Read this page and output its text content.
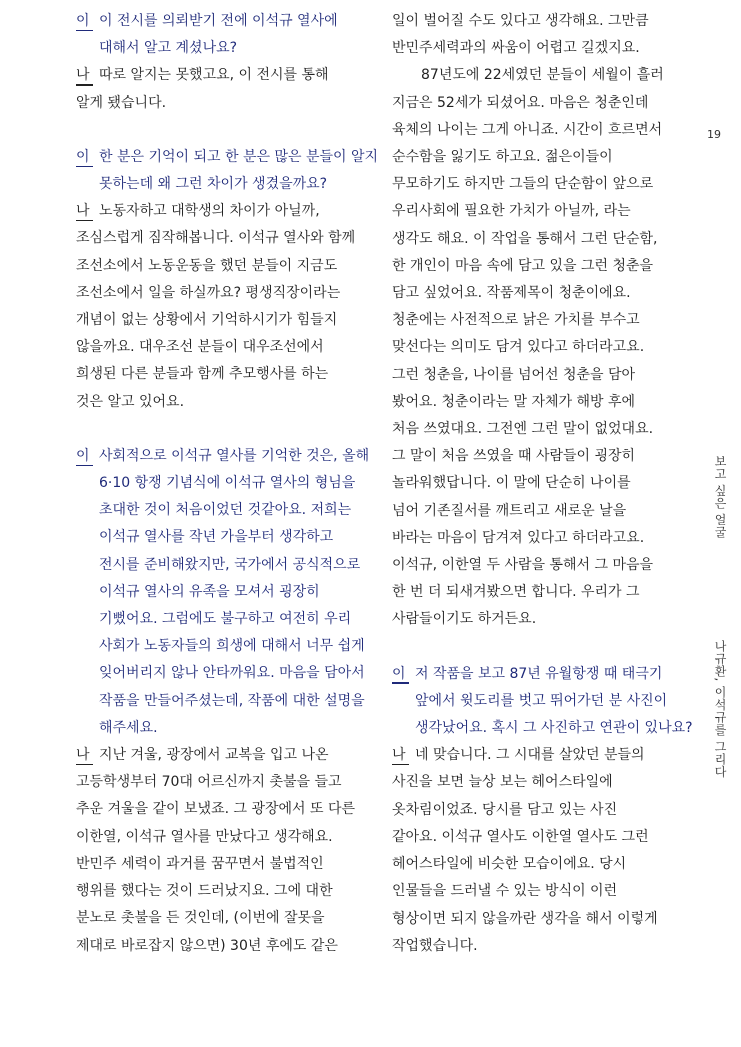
이 이 전시를 의뢰받기 전에 이석규 열사에
대해서 알고 계셨나요?
나 따로 알지는 못했고요, 이 전시를 통해
알게 됐습니다.
이 한 분은 기억이 되고 한 분은 많은 분들이 알지
못하는데 왜 그런 차이가 생겼을까요?
나 노동자하고 대학생의 차이가 아닐까,
조심스럽게 짐작해봅니다. 이석규 열사와 함께
조선소에서 노동운동을 했던 분들이 지금도
조선소에서 일을 하실까요? 평생직장이라는
개념이 없는 상황에서 기억하시기가 힘들지
않을까요. 대우조선 분들이 대우조선에서
희생된 다른 분들과 함께 추모행사를 하는
것은 알고 있어요.
이 사회적으로 이석규 열사를 기억한 것은, 올해
6·10 항쟁 기념식에 이석규 열사의 형님을
초대한 것이 처음이었던 것같아요. 저희는
이석규 열사를 작년 가을부터 생각하고
전시를 준비해왔지만, 국가에서 공식적으로
이석규 열사의 유족을 모셔서 굉장히
기뻤어요. 그럼에도 불구하고 여전히 우리
사회가 노동자들의 희생에 대해서 너무 쉽게
잊어버리지 않나 안타까워요. 마음을 담아서
작품을 만들어주셨는데, 작품에 대한 설명을
해주세요.
나 지난 겨울, 광장에서 교복을 입고 나온
고등학생부터 70대 어르신까지 촛불을 들고
추운 겨울을 같이 보냈죠. 그 광장에서 또 다른
이한열, 이석규 열사를 만났다고 생각해요.
반민주 세력이 과거를 꿈꾸면서 불법적인
행위를 했다는 것이 드러났지요. 그에 대한
분노로 촛불을 든 것인데, (이번에 잘못을
제대로 바로잡지 않으면) 30년 후에도 같은
일이 벌어질 수도 있다고 생각해요. 그만큼
반민주세력과의 싸움이 어렵고 길겠지요.
87년도에 22세였던 분들이 세월이 흘러
지금은 52세가 되셨어요. 마음은 청춘인데
육체의 나이는 그게 아니죠. 시간이 흐르면서
순수함을 잃기도 하고요. 젊은이들이
무모하기도 하지만 그들의 단순함이 앞으로
우리사회에 필요한 가치가 아닐까, 라는
생각도 해요. 이 작업을 통해서 그런 단순함,
한 개인이 마음 속에 담고 있을 그런 청춘을
담고 싶었어요. 작품제목이 청춘이에요.
청춘에는 사전적으로 낡은 가치를 부수고
맞선다는 의미도 담겨 있다고 하더라고요.
그런 청춘을, 나이를 넘어선 청춘을 담아
봤어요. 청춘이라는 말 자체가 해방 후에
처음 쓰였대요. 그전엔 그런 말이 없었대요.
그 말이 처음 쓰였을 때 사람들이 굉장히
놀라워했답니다. 이 말에 단순히 나이를
넘어 기존질서를 깨트리고 새로운 날을
바라는 마음이 담겨져 있다고 하더라고요.
이석규, 이한열 두 사람을 통해서 그 마음을
한 번 더 되새겨봤으면 합니다. 우리가 그
사람들이기도 하거든요.
이 저 작품을 보고 87년 유월항쟁 때 태극기
앞에서 윗도리를 벗고 뛰어가던 분 사진이
생각났어요. 혹시 그 사진하고 연관이 있나요?
나 네 맞습니다. 그 시대를 살았던 분들의
사진을 보면 늘상 보는 헤어스타일에
옷차림이었죠. 당시를 담고 있는 사진
같아요. 이석규 열사도 이한열 열사도 그런
헤어스타일에 비슷한 모습이에요. 당시
인물들을 드러낼 수 있는 방식이 이런
형상이면 되지 않을까란 생각을 해서 이렇게
작업했습니다.
19
보고 싶은 얼굴
나규환, 이석규를 그리다
